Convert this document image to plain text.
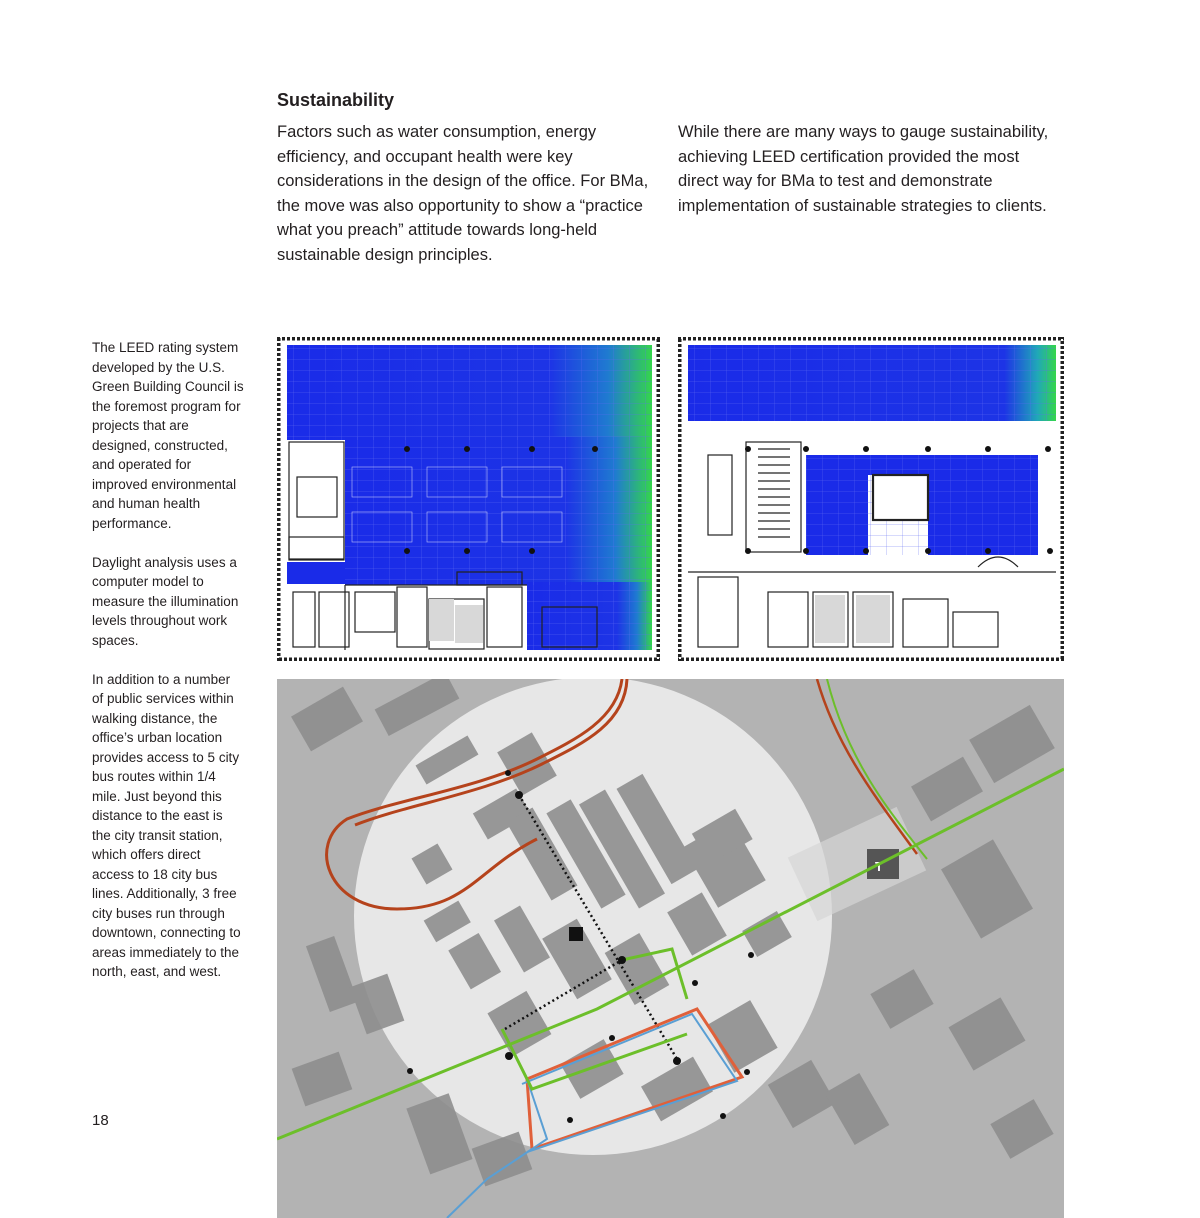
Sustainability

Factors such as water consumption, energy efficiency, and occupant health were key considerations in the design of the office. For BMa, the move was also opportunity to show a “practice what you preach” attitude towards long-held sustainable design principles.

While there are many ways to gauge sustainability, achieving LEED certification provided the most direct way for BMa to test and demonstrate implementation of sustainable strategies to clients.

The LEED rating system developed by the U.S. Green Building Council is the foremost program for projects that are designed, constructed, and operated for improved environmental and human health performance.

Daylight analysis uses a computer model to measure the illumination levels throughout work spaces.

In addition to a number of public services within walking distance, the office’s urban location provides access to 5 city bus routes within 1/4 mile. Just beyond this distance to the east is the city transit station, which offers direct access to 18 city bus lines. Additionally, 3 free city buses run through downtown, connecting to areas immediately to the north, east, and west.

18

T
